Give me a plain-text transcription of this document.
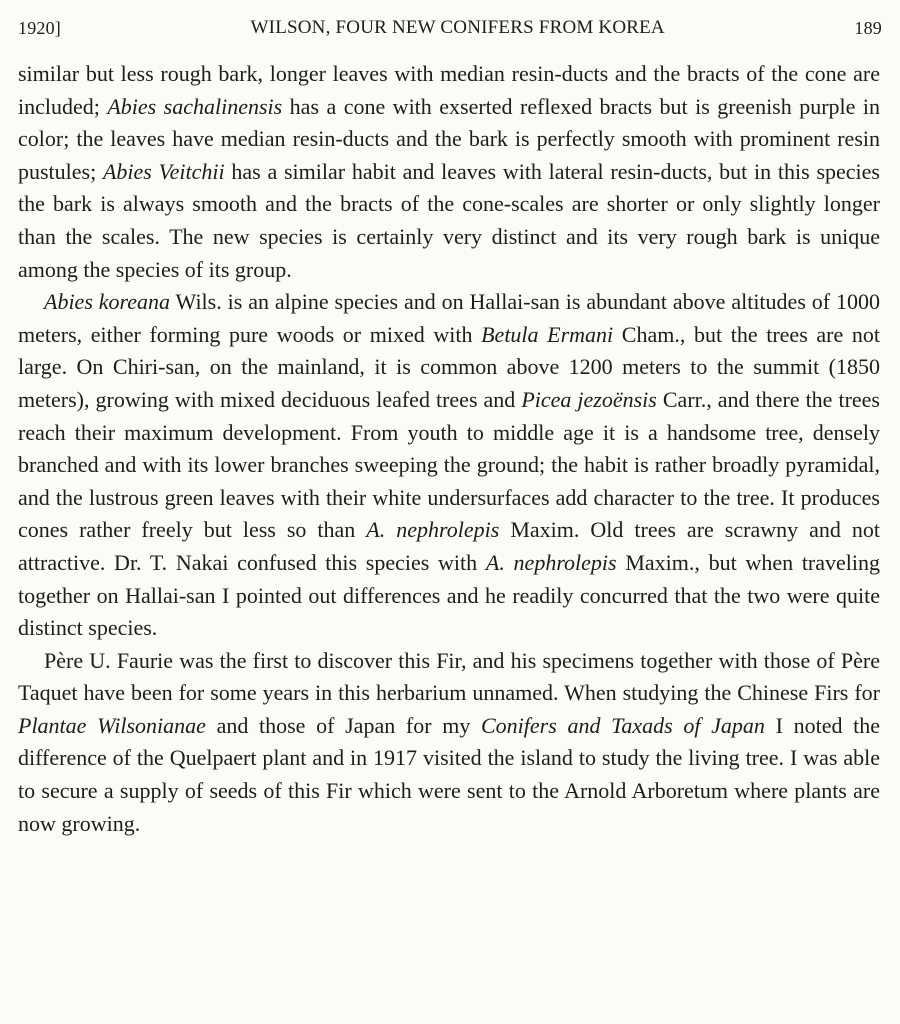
1920]	WILSON, FOUR NEW CONIFERS FROM KOREA	189

similar but less rough bark, longer leaves with median resin-ducts and the bracts of the cone are included; Abies sachalinensis has a cone with exserted reflexed bracts but is greenish purple in color; the leaves have median resin-ducts and the bark is perfectly smooth with prominent resin pustules; Abies Veitchii has a similar habit and leaves with lateral resin-ducts, but in this species the bark is always smooth and the bracts of the cone-scales are shorter or only slightly longer than the scales. The new species is certainly very distinct and its very rough bark is unique among the species of its group.

Abies koreana Wils. is an alpine species and on Hallai-san is abundant above altitudes of 1000 meters, either forming pure woods or mixed with Betula Ermani Cham., but the trees are not large. On Chiri-san, on the mainland, it is common above 1200 meters to the summit (1850 meters), growing with mixed deciduous leafed trees and Picea jezoënsis Carr., and there the trees reach their maximum development. From youth to middle age it is a handsome tree, densely branched and with its lower branches sweeping the ground; the habit is rather broadly pyramidal, and the lustrous green leaves with their white undersurfaces add character to the tree. It produces cones rather freely but less so than A. nephrolepis Maxim. Old trees are scrawny and not attractive. Dr. T. Nakai confused this species with A. nephrolepis Maxim., but when traveling together on Hallai-san I pointed out differences and he readily concurred that the two were quite distinct species.

Père U. Faurie was the first to discover this Fir, and his specimens together with those of Père Taquet have been for some years in this herbarium unnamed. When studying the Chinese Firs for Plantae Wilsonianae and those of Japan for my Conifers and Taxads of Japan I noted the difference of the Quelpaert plant and in 1917 visited the island to study the living tree. I was able to secure a supply of seeds of this Fir which were sent to the Arnold Arboretum where plants are now growing.
